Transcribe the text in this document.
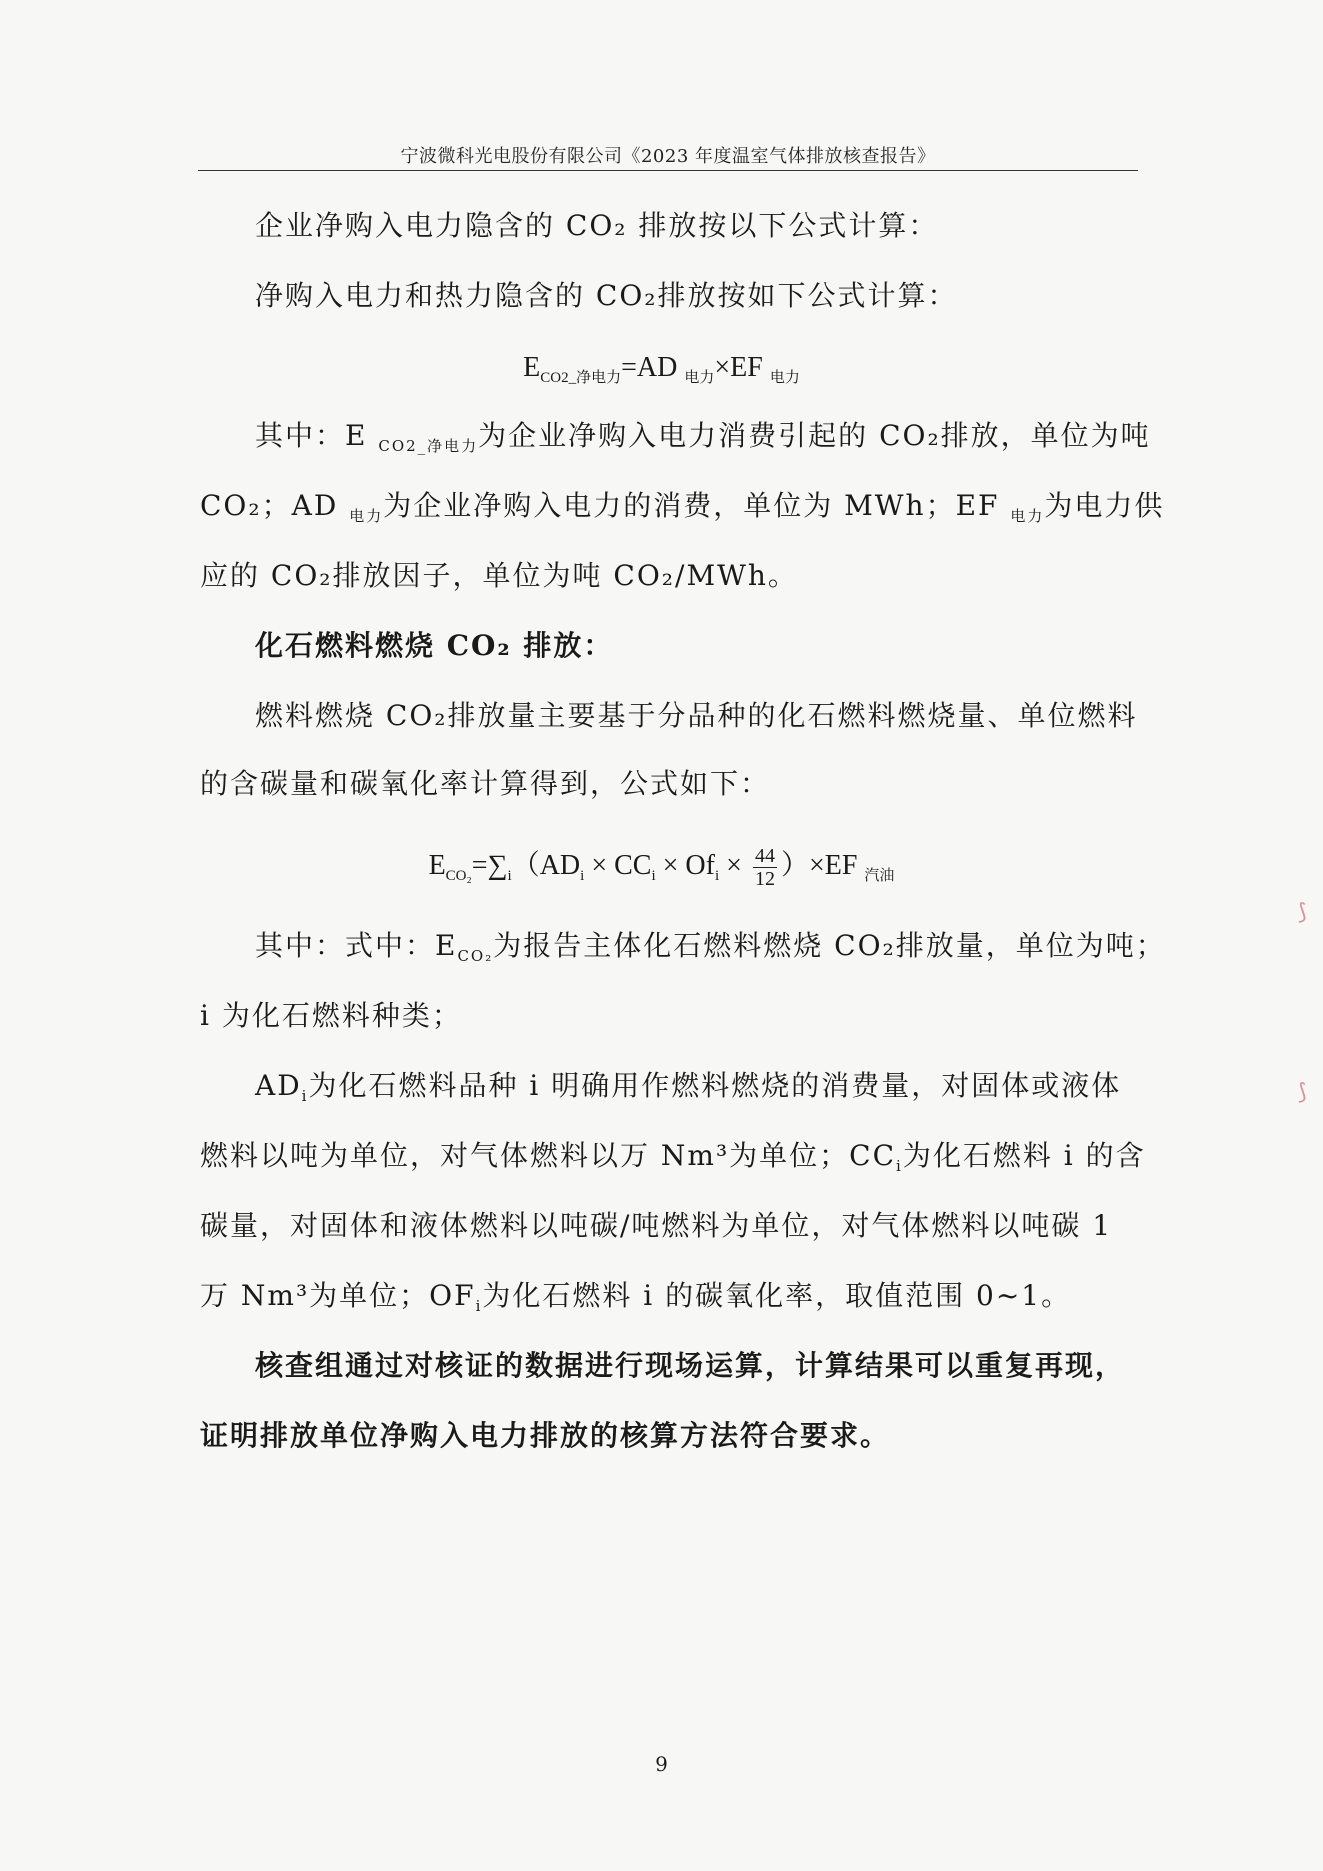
宁波微科光电股份有限公司《2023 年度温室气体排放核查报告》
企业净购入电力隐含的 CO₂ 排放按以下公式计算：
净购入电力和热力隐含的 CO₂排放按如下公式计算：
$E_{CO2\_净电力}=AD$ $_{电力}$×EF $_{电力}$
其中：E $_{CO2\_净电力}$为企业净购入电力消费引起的 CO₂排放，单位为吨
CO₂；AD $_{电力}$为企业净购入电力的消费，单位为 MWh；EF $_{电力}$为电力供
应的 CO₂排放因子，单位为吨 CO₂/MWh。
化石燃料燃烧 CO₂ 排放：
燃料燃烧 CO₂排放量主要基于分品种的化石燃料燃烧量、单位燃料
的含碳量和碳氧化率计算得到，公式如下：
$E_{CO_2}=\sum_i(AD_i \times CC_i \times Of_i \times \frac{44}{12} )\times EF$ $_{汽油}$
其中：式中：$E_{CO_2}$为报告主体化石燃料燃烧 CO₂排放量，单位为吨；
i 为化石燃料种类；
$AD_i$为化石燃料品种 i 明确用作燃料燃烧的消费量，对固体或液体
燃料以吨为单位，对气体燃料以万 Nm³为单位；$CC_i$为化石燃料 i 的含
碳量，对固体和液体燃料以吨碳/吨燃料为单位，对气体燃料以吨碳 1
万 Nm³为单位；$OF_i$为化石燃料 i 的碳氧化率，取值范围 0~1。
核查组通过对核证的数据进行现场运算，计算结果可以重复再现，
证明排放单位净购入电力排放的核算方法符合要求。
9
⟆
⟆
